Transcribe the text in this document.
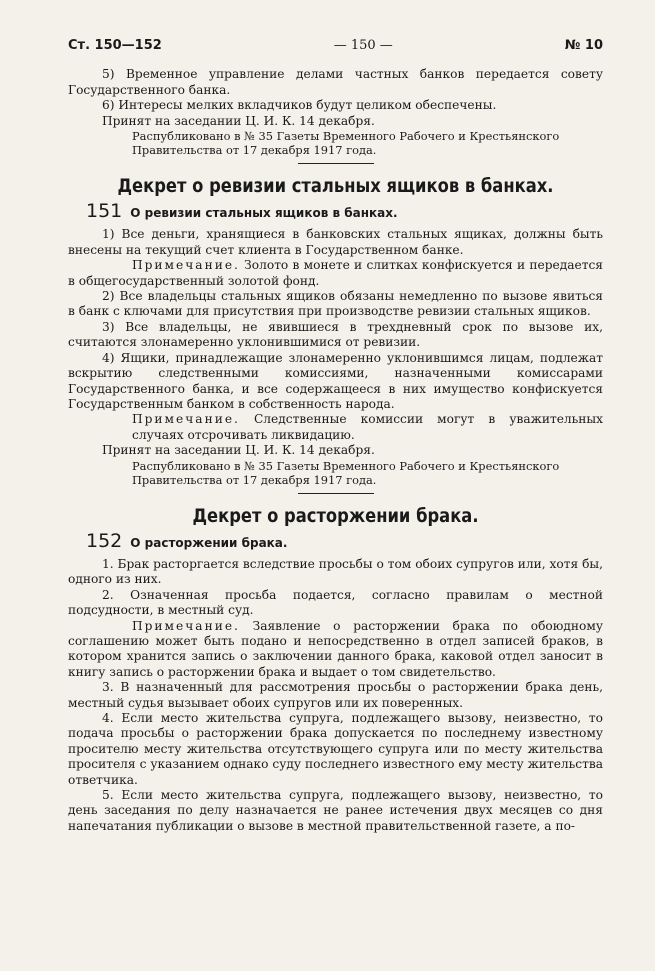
Ст. 150—152	— 150 —	№ 10

5) Временное управление делами частных банков передается совету Государственного банка.

6) Интересы мелких вкладчиков будут целиком обеспечены.

Принят на заседании Ц. И. К. 14 декабря.

Распубликовано в № 35 Газеты Временного Рабочего и Крестьянского

Правительства от 17 декабря 1917 года.

Декрет о ревизии стальных ящиков в банках.
151 О ревизии стальных ящиков в банках.

1) Все деньги, хранящиеся в банковских стальных ящиках, должны быть внесены на текущий счет клиента в Государственном банке.

Примечание. Золото в монете и слитках конфискуется и передается в общегосударственный золотой фонд.

2) Все владельцы стальных ящиков обязаны немедленно по вызове явиться в банк с ключами для присутствия при производстве ревизии стальных ящиков.

3) Все владельцы, не явившиеся в трехдневный срок по вызове их, считаются злонамеренно уклонившимися от ревизии.

4) Ящики, принадлежащие злонамеренно уклонившимся лицам, подлежат вскрытию следственными комиссиями, назначенными комиссарами Государственного банка, и все содержащееся в них имущество конфискуется Государственным банком в собственность народа.

Примечание. Следственные комиссии могут в уважительных случаях отсрочивать ликвидацию.

Принят на заседании Ц. И. К. 14 декабря.

Распубликовано в № 35 Газеты Временного Рабочего и Крестьянского

Правительства от 17 декабря 1917 года.

Декрет о расторжении брака.
152 О расторжении брака.

1. Брак расторгается вследствие просьбы о том обоих супругов или, хотя бы, одного из них.

2. Означенная просьба подается, согласно правилам о местной подсудности, в местный суд.

Примечание. Заявление о расторжении брака по обоюдному соглашению может быть подано и непосредственно в отдел записей браков, в котором хранится запись о заключении данного брака, каковой отдел заносит в книгу запись о расторжении брака и выдает о том свидетельство.

3. В назначенный для рассмотрения просьбы о расторжении брака день, местный судья вызывает обоих супругов или их поверенных.

4. Если место жительства супруга, подлежащего вызову, неизвестно, то подача просьбы о расторжении брака допускается по последнему известному просителю месту жительства отсутствующего супруга или по месту жительства просителя с указанием однако суду последнего известного ему месту жительства ответчика.

5. Если место жительства супруга, подлежащего вызову, неизвестно, то день заседания по делу назначается не ранее истечения двух месяцев со дня напечатания публикации о вызове в местной правительственной газете, а по-
